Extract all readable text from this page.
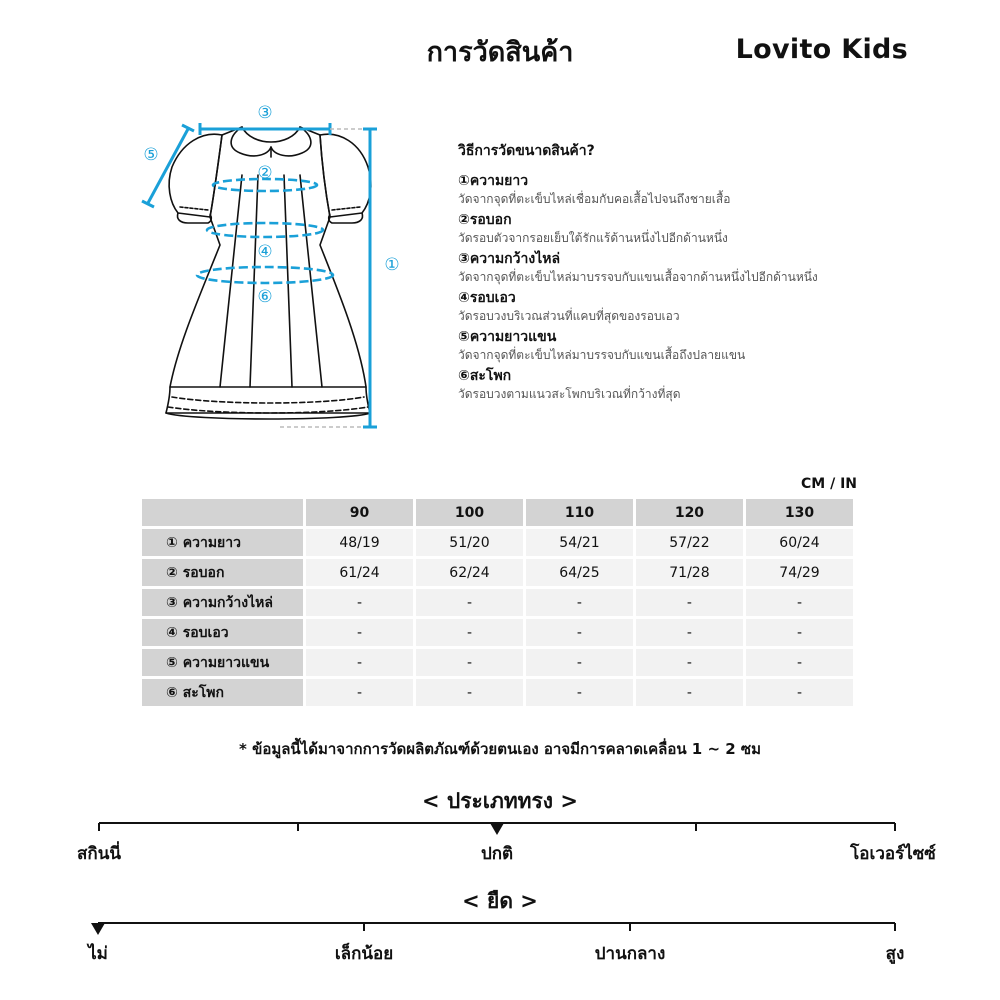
การวัดสินค้า	Lovito Kids
③
②
④
⑥
⑤
①
วิธีการวัดขนาดสินค้า?
①ความยาว
วัดจากจุดที่ตะเข็บไหล่เชื่อมกับคอเสื้อไปจนถึงชายเสื้อ
②รอบอก
วัดรอบตัวจากรอยเย็บใต้รักแร้ด้านหนึ่งไปอีกด้านหนึ่ง
③ความกว้างไหล่
วัดจากจุดที่ตะเข็บไหล่มาบรรจบกับแขนเสื้อจากด้านหนึ่งไปอีกด้านหนึ่ง
④รอบเอว
วัดรอบวงบริเวณส่วนที่แคบที่สุดของรอบเอว
⑤ความยาวแขน
วัดจากจุดที่ตะเข็บไหล่มาบรรจบกับแขนเสื้อถึงปลายแขน
⑥สะโพก
วัดรอบวงตามแนวสะโพกบริเวณที่กว้างที่สุด
CM / IN
	90	100	110	120	130
① ความยาว	48/19	51/20	54/21	57/22	60/24
② รอบอก	61/24	62/24	64/25	71/28	74/29
③ ความกว้างไหล่	-	-	-	-	-
④ รอบเอว	-	-	-	-	-
⑤ ความยาวแขน	-	-	-	-	-
⑥ สะโพก	-	-	-	-	-
* ข้อมูลนี้ได้มาจากการวัดผลิตภัณฑ์ด้วยตนเอง อาจมีการคลาดเคลื่อน 1 ~ 2 ซม
< ประเภททรง >
สกินนี่	ปกติ	โอเวอร์ไซซ์
< ยืด >
ไม่	เล็กน้อย	ปานกลาง	สูง
